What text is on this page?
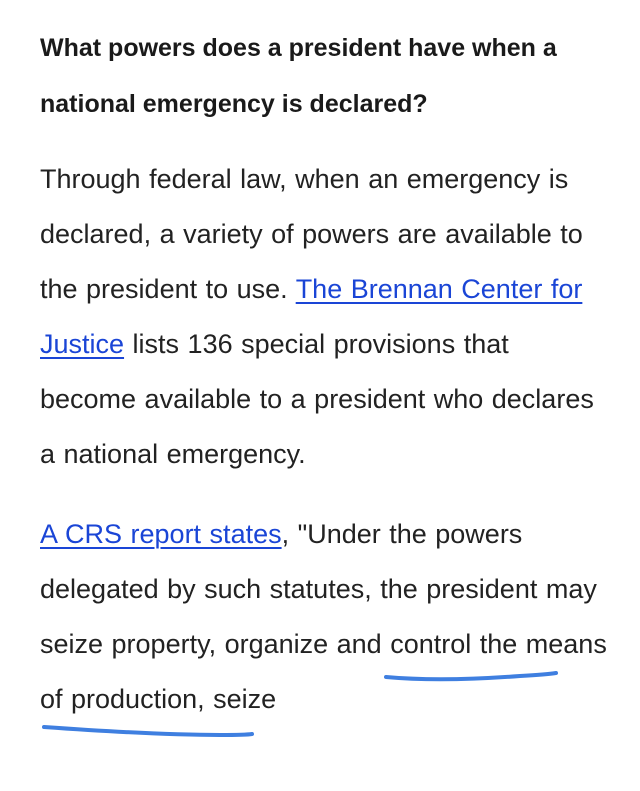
What powers does a president have when a national emergency is declared?

Through federal law, when an emergency is declared, a variety of powers are available to the president to use. The Brennan Center for Justice lists 136 special provisions that become available to a president who declares a national emergency.

A CRS report states, "Under the powers delegated by such statutes, the president may seize property, organize and control the means of production, seize
